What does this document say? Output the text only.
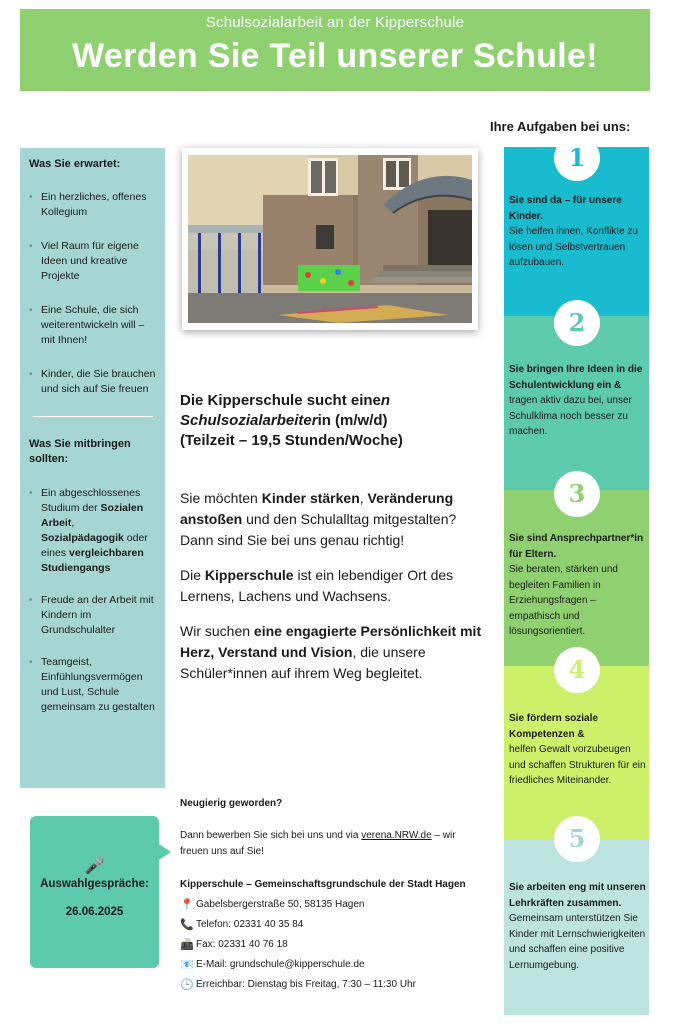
Schulsozialarbeit an der Kipperschule
Werden Sie Teil unserer Schule!
Was Sie erwartet:
• Ein herzliches, offenes Kollegium
• Viel Raum für eigene Ideen und kreative Projekte
• Eine Schule, die sich weiterentwickeln will – mit Ihnen!
• Kinder, die Sie brauchen und sich auf Sie freuen
Was Sie mitbringen sollten:
• Ein abgeschlossenes Studium der Sozialen Arbeit, Sozialpädagogik oder eines vergleichbaren Studiengangs
• Freude an der Arbeit mit Kindern im Grundschulalter
• Teamgeist, Einfühlungsvermögen und Lust, Schule gemeinsam zu gestalten
Die Kipperschule sucht einen
Schulsozialarbeiterin (m/w/d)
(Teilzeit – 19,5 Stunden/Woche)

Sie möchten Kinder stärken, Veränderung anstoßen und den Schulalltag mitgestalten? Dann sind Sie bei uns genau richtig!

Die Kipperschule ist ein lebendiger Ort des Lernens, Lachens und Wachsens.

Wir suchen eine engagierte Persönlichkeit mit Herz, Verstand und Vision, die unsere Schüler*innen auf ihrem Weg begleitet.

🎤
Auswahlgespräche:
26.06.2025
Neugierig geworden?
Dann bewerben Sie sich bei uns und via verena.NRW.de – wir freuen uns auf Sie!
Kipperschule – Gemeinschaftsgrundschule der Stadt Hagen
📍 Gabelsbergerstraße 50, 58135 Hagen
📞 Telefon: 02331 40 35 84
📠 Fax: 02331 40 76 18
📧 E-Mail: grundschule@kipperschule.de
🕒 Erreichbar: Dienstag bis Freitag, 7:30 – 11:30 Uhr
Ihre Aufgaben bei uns:
1
Sie sind da – für unsere Kinder.
Sie helfen ihnen, Konflikte zu lösen und Selbstvertrauen aufzubauen.
2
Sie bringen Ihre Ideen in die Schulentwicklung ein &
tragen aktiv dazu bei, unser Schulklima noch besser zu machen.
3
Sie sind Ansprechpartner*in für Eltern.
Sie beraten, stärken und begleiten Familien in Erziehungsfragen – empathisch und lösungsorientiert.
4
Sie fördern soziale Kompetenzen &
helfen Gewalt vorzubeugen und schaffen Strukturen für ein friedliches Miteinander.
5
Sie arbeiten eng mit unseren Lehrkräften zusammen.
Gemeinsam unterstützen Sie Kinder mit Lernschwierigkeiten und schaffen eine positive Lernumgebung.
